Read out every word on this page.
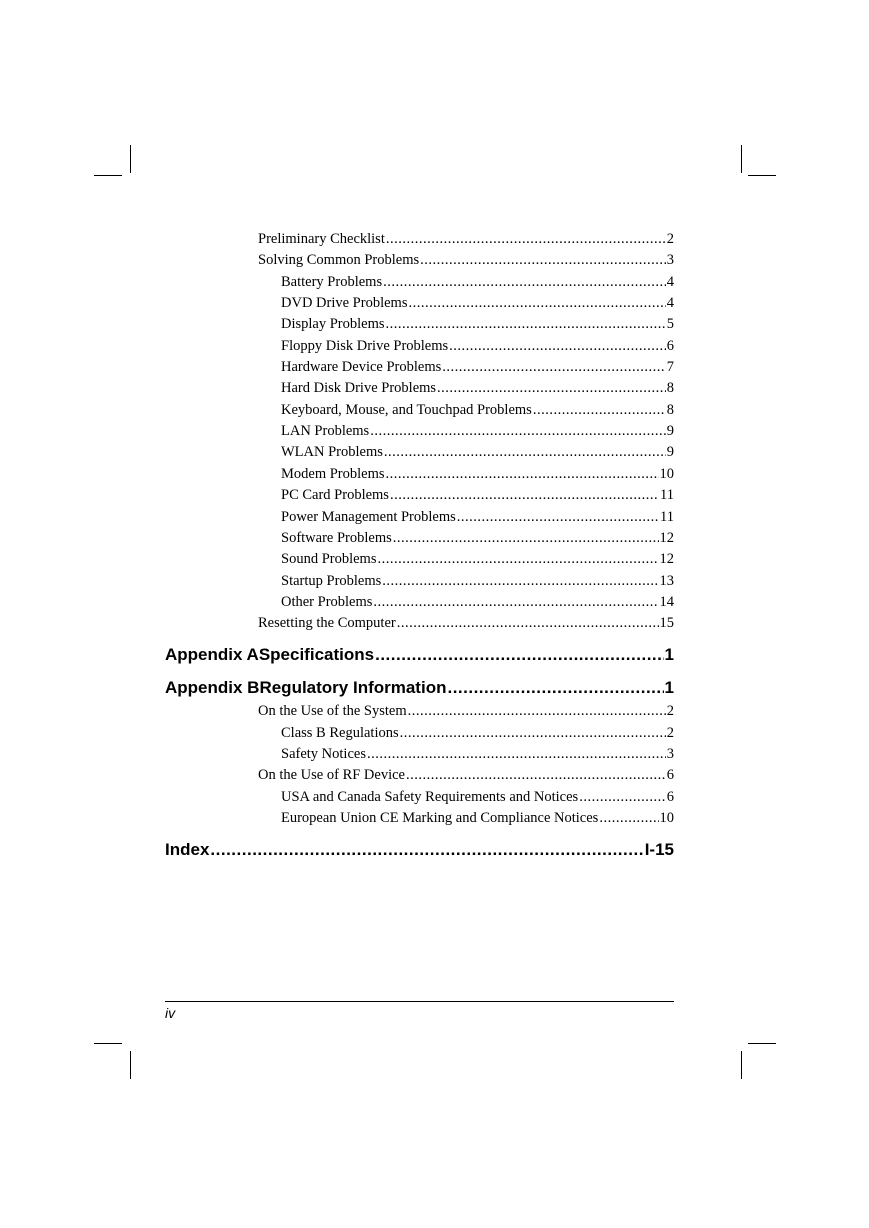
Preliminary Checklist .....	2
Solving Common Problems .....	3
Battery Problems .....	4
DVD Drive Problems .....	4
Display Problems .....	5
Floppy Disk Drive Problems .....	6
Hardware Device Problems .....	7
Hard Disk Drive Problems .....	8
Keyboard, Mouse, and Touchpad Problems .....	8
LAN Problems .....	9
WLAN Problems .....	9
Modem Problems .....	10
PC Card Problems .....	11
Power Management Problems .....	11
Software Problems .....	12
Sound Problems .....	12
Startup Problems .....	13
Other Problems .....	14
Resetting the Computer .....	15
Appendix A Specifications .....	1
Appendix B Regulatory Information .....	1
On the Use of the System .....	2
Class B Regulations .....	2
Safety Notices .....	3
On the Use of RF Device .....	6
USA and Canada Safety Requirements and Notices .....	6
European Union CE Marking and Compliance Notices .....	10
Index .....	I-15
iv
